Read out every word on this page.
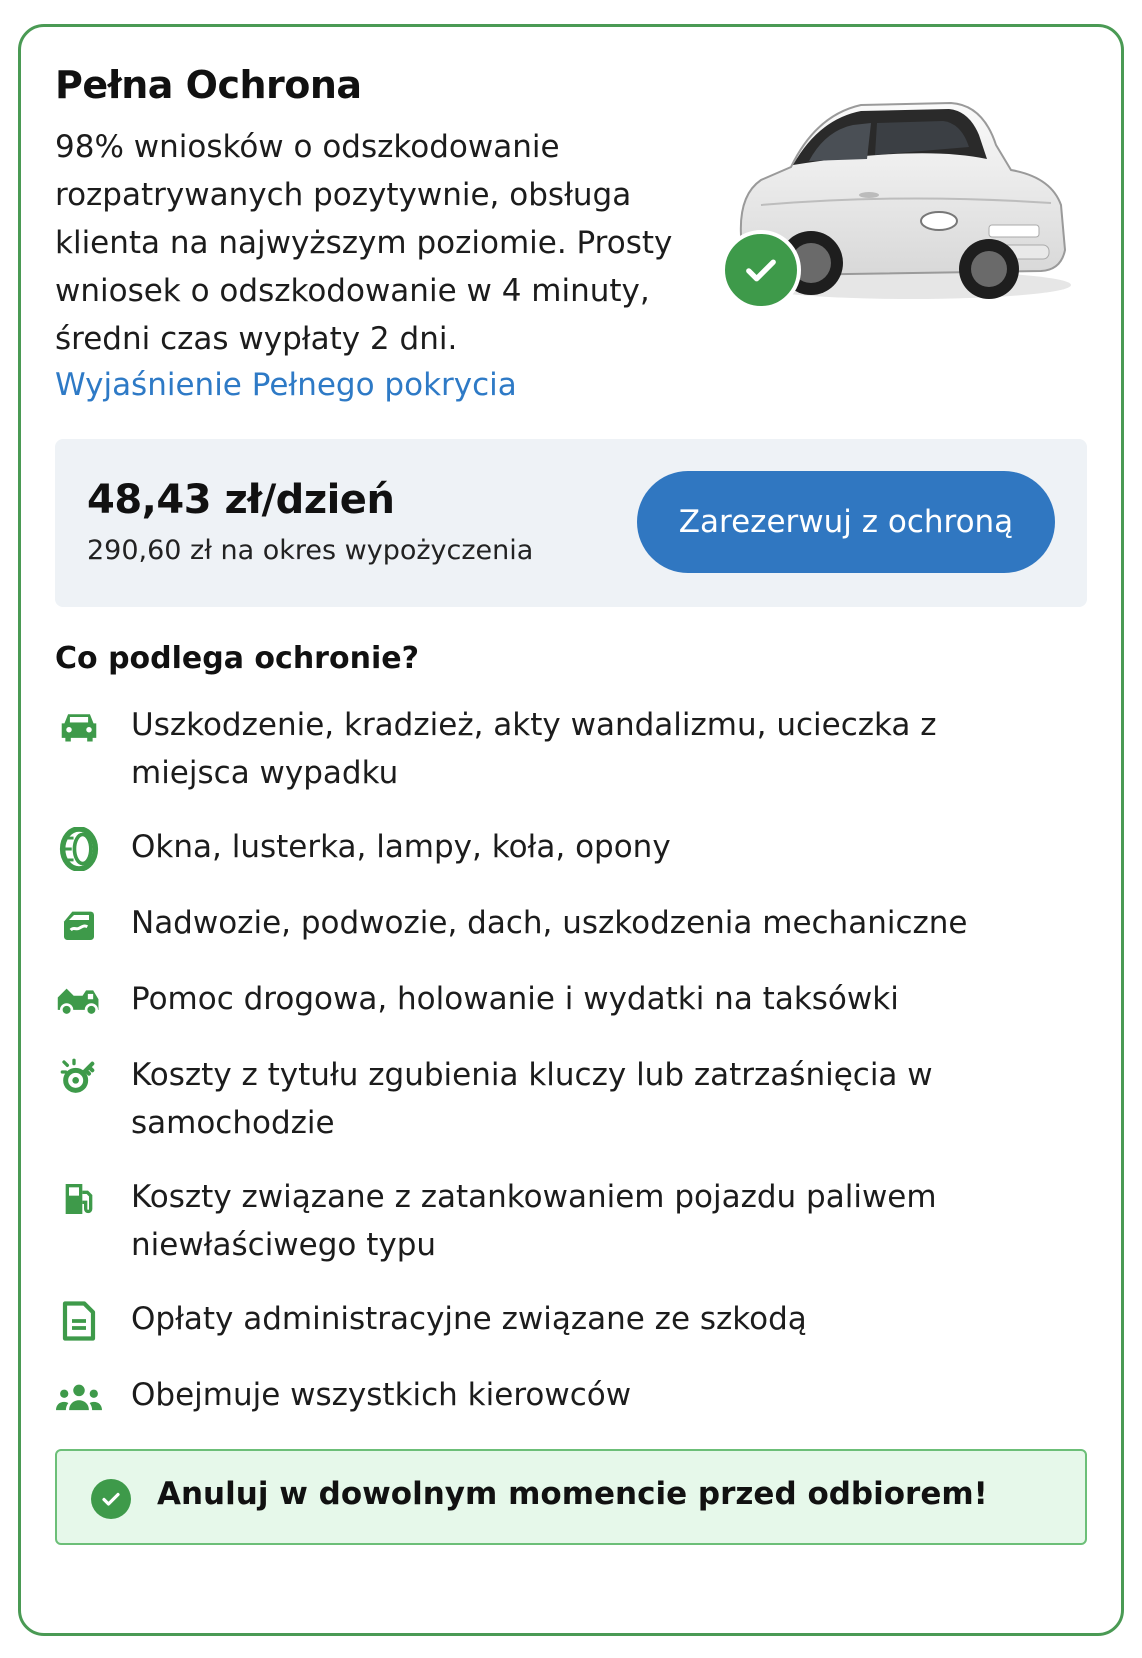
Pełna Ochrona

98% wniosków o odszkodowanie rozpatrywanych pozytywnie, obsługa klienta na najwyższym poziomie. Prosty wniosek o odszkodowanie w 4 minuty, średni czas wypłaty 2 dni.

Wyjaśnienie Pełnego pokrycia
48,43 zł/dzień
290,60 zł na okres wypożyczenia
Zarezerwuj z ochroną
Co podlega ochronie?
Uszkodzenie, kradzież, akty wandalizmu, ucieczka z miejsca wypadku
Okna, lusterka, lampy, koła, opony
Nadwozie, podwozie, dach, uszkodzenia mechaniczne
Pomoc drogowa, holowanie i wydatki na taksówki
Koszty z tytułu zgubienia kluczy lub zatrzaśnięcia w samochodzie
Koszty związane z zatankowaniem pojazdu paliwem niewłaściwego typu
Opłaty administracyjne związane ze szkodą
Obejmuje wszystkich kierowców
Anuluj w dowolnym momencie przed odbiorem!
